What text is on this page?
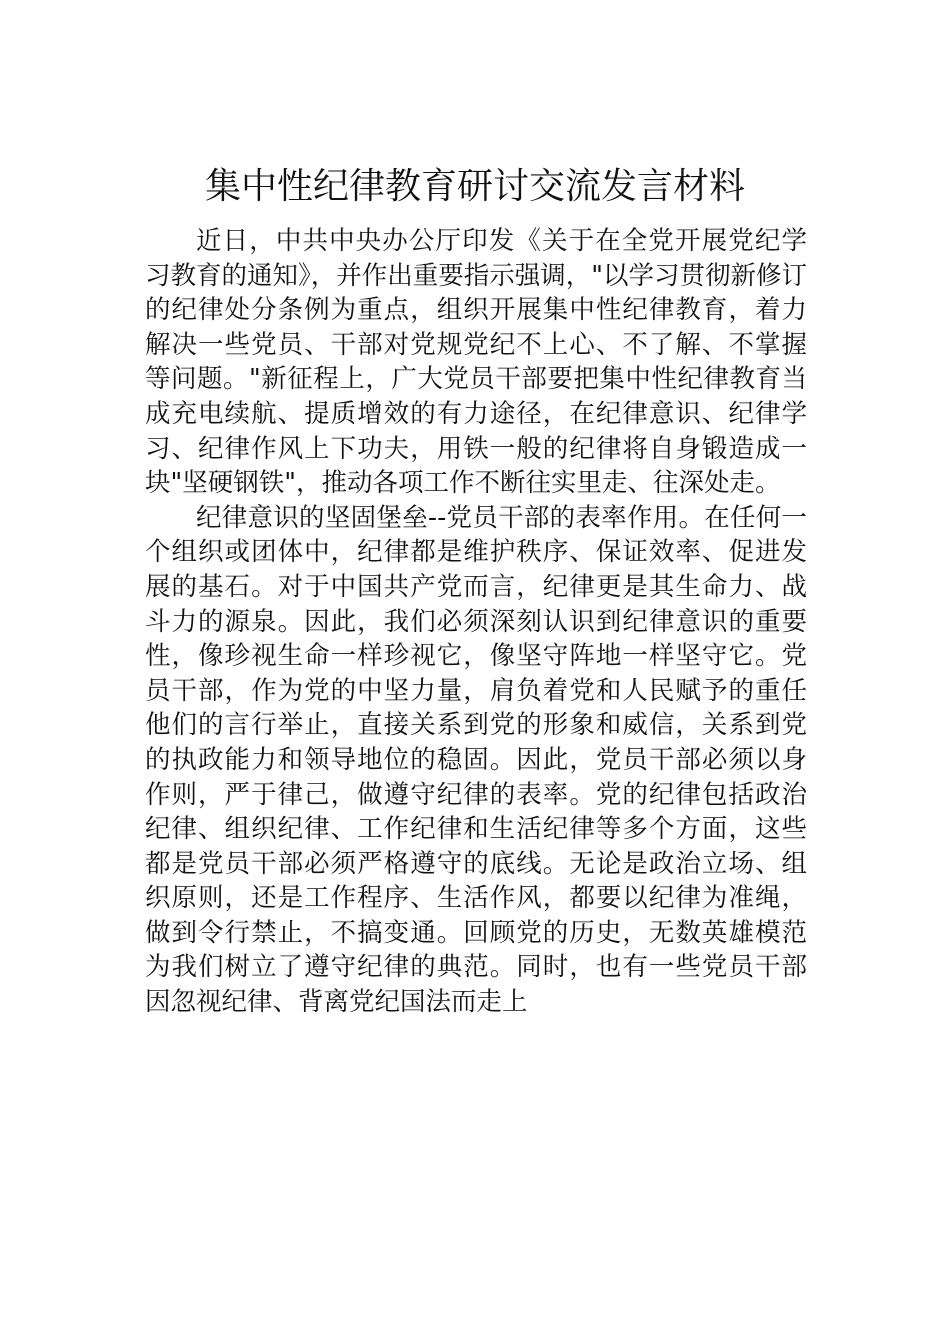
集中性纪律教育研讨交流发言材料

近日，中共中央办公厅印发《关于在全党开展党纪学习教育的通知》，并作出重要指示强调，"以学习贯彻新修订的纪律处分条例为重点，组织开展集中性纪律教育，着力解决一些党员、干部对党规党纪不上心、不了解、不掌握等问题。"新征程上，广大党员干部要把集中性纪律教育当成充电续航、提质增效的有力途径，在纪律意识、纪律学习、纪律作风上下功夫，用铁一般的纪律将自身锻造成一块"坚硬钢铁"，推动各项工作不断往实里走、往深处走。

纪律意识的坚固堡垒--党员干部的表率作用。在任何一个组织或团体中，纪律都是维护秩序、保证效率、促进发展的基石。对于中国共产党而言，纪律更是其生命力、战斗力的源泉。因此，我们必须深刻认识到纪律意识的重要性，像珍视生命一样珍视它，像坚守阵地一样坚守它。党员干部，作为党的中坚力量，肩负着党和人民赋予的重任他们的言行举止，直接关系到党的形象和威信，关系到党的执政能力和领导地位的稳固。因此，党员干部必须以身作则，严于律己，做遵守纪律的表率。党的纪律包括政治纪律、组织纪律、工作纪律和生活纪律等多个方面，这些都是党员干部必须严格遵守的底线。无论是政治立场、组织原则，还是工作程序、生活作风，都要以纪律为准绳，做到令行禁止，不搞变通。回顾党的历史，无数英雄模范为我们树立了遵守纪律的典范。同时，也有一些党员干部因忽视纪律、背离党纪国法而走上
